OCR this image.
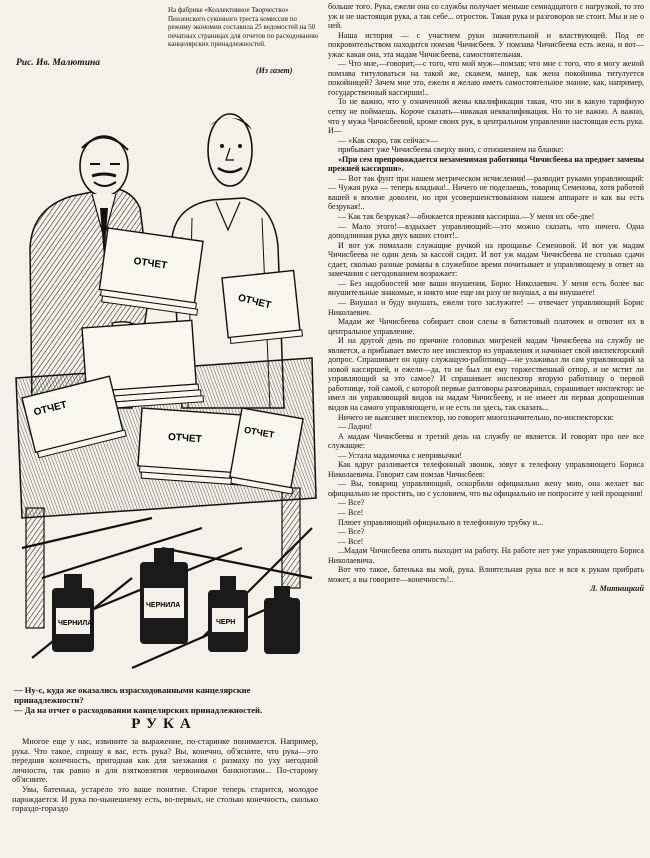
На фабрике «Коллективное Творчество» Пензенского суконного треста комиссия по режиму экономии составила 25 ведомостей на 50 печатных страницах для отчетов по расходованию канцелярских принадлежностей.
Рис. Ив. Малютина
(Из газет)
ОТЧЕТ
ОТЧЕТ
ОТЧЕТ
ОТЧЕТ	ОТЧЕТ
ЧЕРНИЛА
ЧЕРНИЛА
ЧЕРН

— Ну-с, куда же оказались израсходованными канцелярские принадлежности?

— Да на отчет о расходовании канцелярских принадлежностей.

РУКА

Многое еще у нас, извините за выражение, по-старинке понимается. Например, рука. Что такое, спрошу я вас, есть рука? Вы, конечно, об'ясните, что рука—это передняя конечность, пригодная как для заезжания с размаху по уху негодной личности, так равно и для взятковзятия червонными банкнотами... По-старому об'ясните.

Увы, батенька, устарело это ваше понятие. Старое теперь старится, молодое нарождается. И рука по-нынешнему есть, во-первых, не столько конечность, сколько гораздо-гораздо

больше того. Рука, ежели она со службы получает меньше семнадцатого с нагрузкой, то это уж и не настоящая рука, а так себе... отросток. Такая рука и разговоров не стоит. Мы и не о ней.

Наша история — с участием руки значительной и властвующей. Под ее покровительством находится помзав Чичисбеев. У помзава Чичисбеева есть жена, и вот—ужас какая она, эта мадам Чичисбеева, самостоятельная.

— Что мне,—говорит,—с того, что мой муж—помзав; что мне с того, что я могу женой помзава титуловаться на такой же, скажем, манер, как жена покойника титулуется покойницей? Зачем мне это, ежели я желаю иметь самостоятельное знание, как, например, государственный кассирши!..

То не важно, что у означенной жены квалификация такая, что ни в какую тарифную сетку не поймаешь. Короче сказать—никакая неквалификация. Но то не важно. А важно, что у мужа Чичисбеевой, кроме своих рук, в центральном управлении настоящая есть рука. И—

— «Как скоро, так сейчас»—

прибывает уже Чичисбеева сверху вниз, с отношением на бланке:

«При сем препровождается незаменимая работница Чичисбеева на предмет замены прежней кассирши».

— Вот так фунт при нашем метрическом исчислении!—разводит руками управляющий: — Чужая рука — теперь владыка!.. Ничего не поделаешь, товарищ Семенова, хотя работой вашей я вполне доволен, но при усовершенствованном нашем аппарате и как вы есть безрукая!..

— Как так безрукая?—обижается прежняя кассирша.—У меня их обе-две!

— Мало этого!—вздыхает управляющий:—это можно сказать, что ничего. Одна доподлинная рука двух ваших стоит!..

И вот уж помахали служащие ручкой на прощанье Семеновой. И вот уж мадам Чичисбеева не один день за кассой сидит. И вот уж мадам Чичисбеева не столько сдачи сдает, сколько разные романы в служебное время почитывает и управляющему в ответ на замечания с негодованием возражает:

— Без надобностей мне ваши внушения, Борис Николаевич. У меня есть более вас внушительные знакомые, и никто мне еще ни разу не внушал, а вы внушаете!

— Внушал и буду внушать, ежели того заслужите! — отвечает управляющий Борис Николаевич.

Мадам же Чичисбеева собирает свои слезы в батистовый платочек и отвозит их в центральное управление.

И на другой день по причине головных мигреней мадам Чичисбеева на службу не является, а прибывает вместо нее инспектор из управления и начинает свой инспекторский допрос. Спрашивает он одну служащую-работницу—не ухаживал ли сам управляющий за новой кассиршей, и ежели—да, то не был ли ему торжественный отпор, и не мстит ли управляющий за это самое? И спрашивает инспектор вторую работницу о первой работнице, той самой, с которой первые разговоры разговаривал, спрашивает инспектор: не имел ли управляющий видов на мадам Чичисбееву, и не имеет ли первая допрошенная видов на самого управляющего, и не есть ли здесь, так сказать...

Ничего не выясняет инспектор, но говорит многозначительно, по-инспекторски:

— Ладно!

А мадам Чичисбеева и третий день на службу не является. И говорят про нее все служащие:

— Устала мадамочка с непривычки!

Как вдруг разливается телефонный звонок, зовут к телефону управляющего Бориса Николаевича. Говорит сам помзав Чичисбеев:

— Вы, товарищ управляющий, оскорбили официально жену мою, она желает вас официально не простить, но с условием, что вы официально не попросите у ней прощения!

— Все?

— Все!

Плюет управляющий официально в телефонную трубку и...

— Все?

— Все!

...Мадам Чичисбеева опять выходит на работу. На работе нет уже управляющего Бориса Николаевича.

Вот что такое, батенька вы мой, рука. Влиятельная рука все и вся к рукам прибрать может, а вы говорите—конечность!..

Л. Митницкий
